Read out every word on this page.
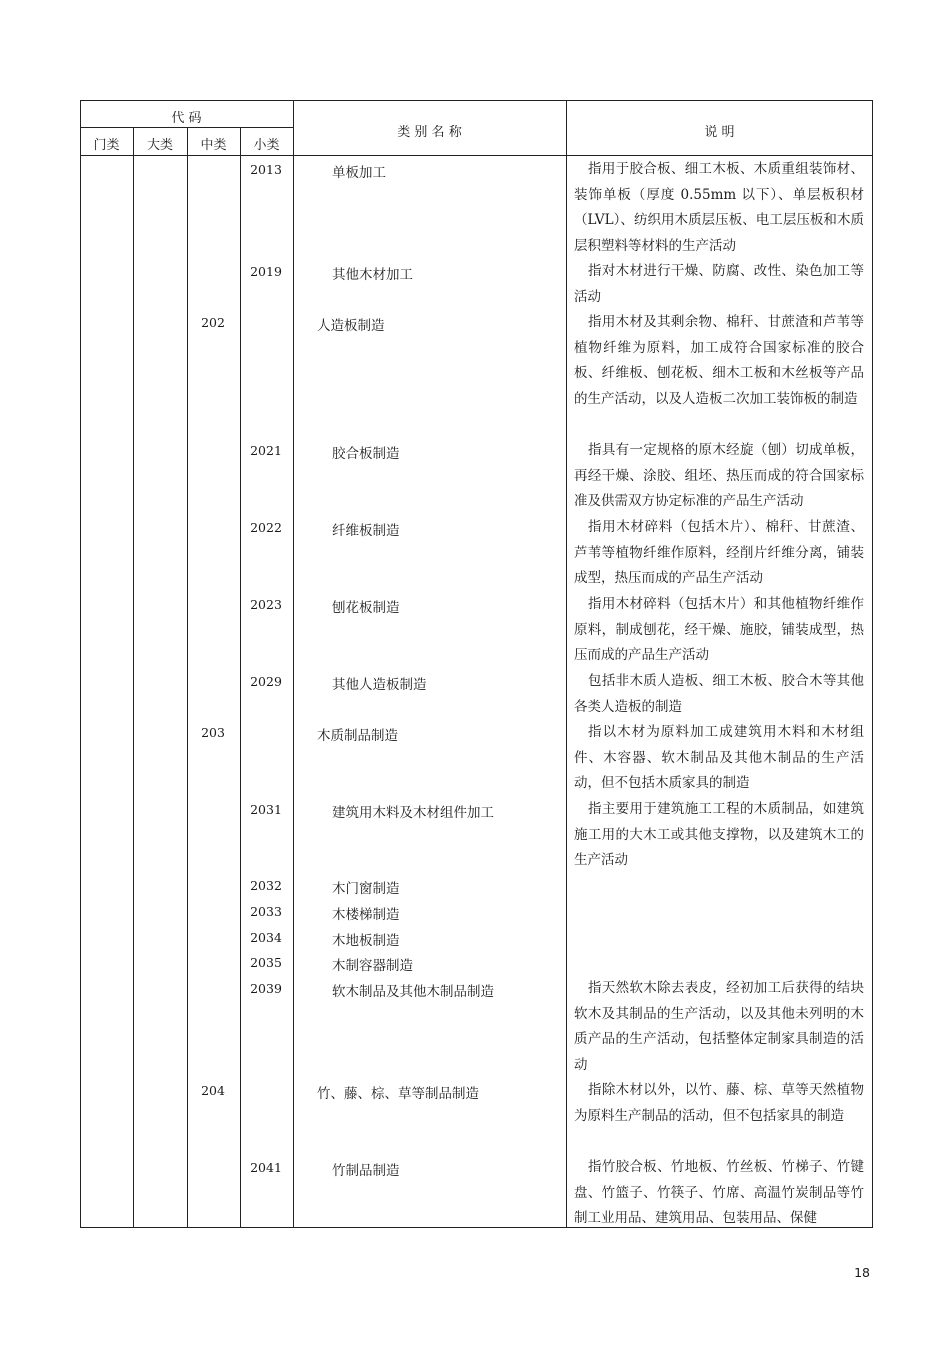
代 码
门类	大类	中类	小类
类 别 名 称	说 明
2013	单板加工	指用于胶合板、细工木板、木质重组装饰材、装饰单板（厚度 0.55mm 以下）、单层板积材（LVL）、纺织用木质层压板、电工层压板和木质层积塑料等材料的生产活动
2019	其他木材加工	指对木材进行干燥、防腐、改性、染色加工等活动
202	人造板制造	指用木材及其剩余物、棉秆、甘蔗渣和芦苇等植物纤维为原料，加工成符合国家标准的胶合板、纤维板、刨花板、细木工板和木丝板等产品的生产活动，以及人造板二次加工装饰板的制造
2021	胶合板制造	指具有一定规格的原木经旋（刨）切成单板，再经干燥、涂胶、组坯、热压而成的符合国家标准及供需双方协定标准的产品生产活动
2022	纤维板制造	指用木材碎料（包括木片）、棉秆、甘蔗渣、芦苇等植物纤维作原料，经削片纤维分离，铺装成型，热压而成的产品生产活动
2023	刨花板制造	指用木材碎料（包括木片）和其他植物纤维作原料，制成刨花，经干燥、施胶，铺装成型，热压而成的产品生产活动
2029	其他人造板制造	包括非木质人造板、细工木板、胶合木等其他各类人造板的制造
203	木质制品制造	指以木材为原料加工成建筑用木料和木材组件、木容器、软木制品及其他木制品的生产活动，但不包括木质家具的制造
2031	建筑用木料及木材组件加工	指主要用于建筑施工工程的木质制品，如建筑施工用的大木工或其他支撑物，以及建筑木工的生产活动
2032	木门窗制造
2033	木楼梯制造
2034	木地板制造
2035	木制容器制造
2039	软木制品及其他木制品制造	指天然软木除去表皮，经初加工后获得的结块软木及其制品的生产活动，以及其他未列明的木质产品的生产活动，包括整体定制家具制造的活动
204	竹、藤、棕、草等制品制造	指除木材以外，以竹、藤、棕、草等天然植物为原料生产制品的活动，但不包括家具的制造
2041	竹制品制造	指竹胶合板、竹地板、竹丝板、竹梯子、竹键盘、竹篮子、竹筷子、竹席、高温竹炭制品等竹制工业用品、建筑用品、包装用品、保健
18
